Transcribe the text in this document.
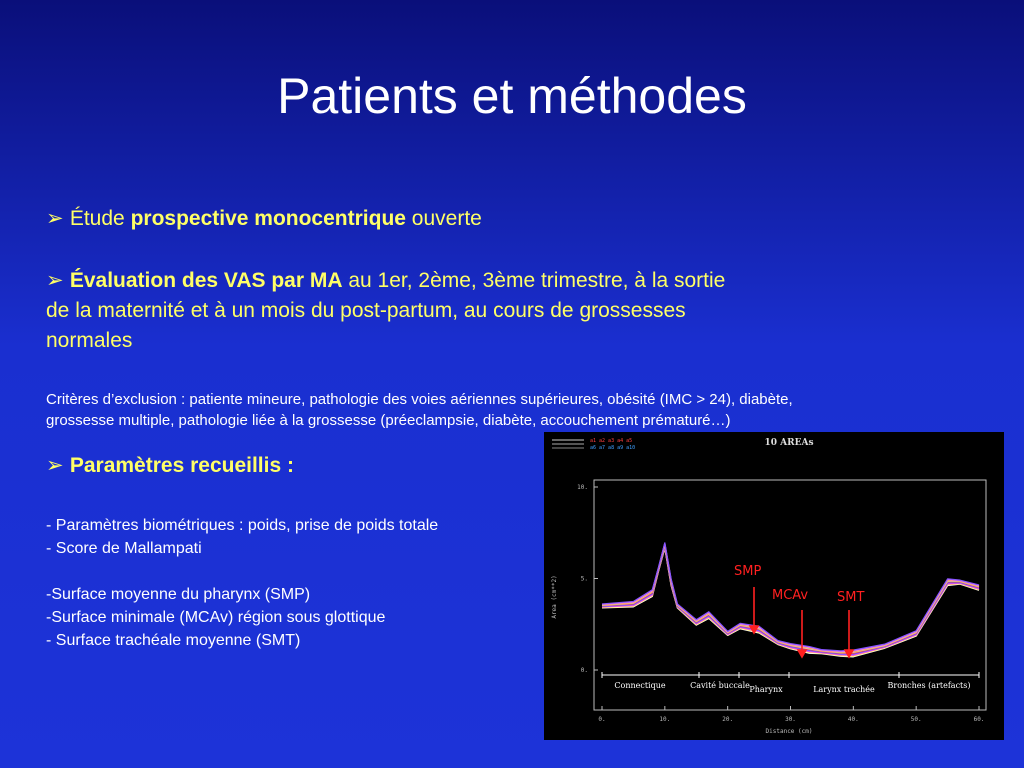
Patients et méthodes
➢ Étude prospective monocentrique ouverte
➢ Évaluation des VAS par MA au 1er, 2ème, 3ème trimestre, à la sortie
de la maternité et à un mois du post-partum, au cours de grossesses
normales
Critères d’exclusion : patiente mineure, pathologie des voies aériennes supérieures, obésité (IMC > 24), diabète,
grossesse multiple, pathologie liée à la grossesse (préeclampsie, diabète, accouchement prématuré…)
➢ Paramètres recueillis :
- Paramètres biométriques : poids, prise de poids totale
- Score de Mallampati
-Surface moyenne du pharynx (SMP)
-Surface minimale (MCAv) région sous glottique
- Surface trachéale moyenne (SMT)
a1 a2 a3 a4 a5
a6 a7 a8 a9 a10	10 AREAs
Area (cm**2)
Distance (cm)
10.
5.
0.
0.	10.	20.	30.	40.	50.	60.
Connectique	Cavité buccale Pharynx	Larynx trachée Bronches (artefacts)
SMP
MCAv SMT
